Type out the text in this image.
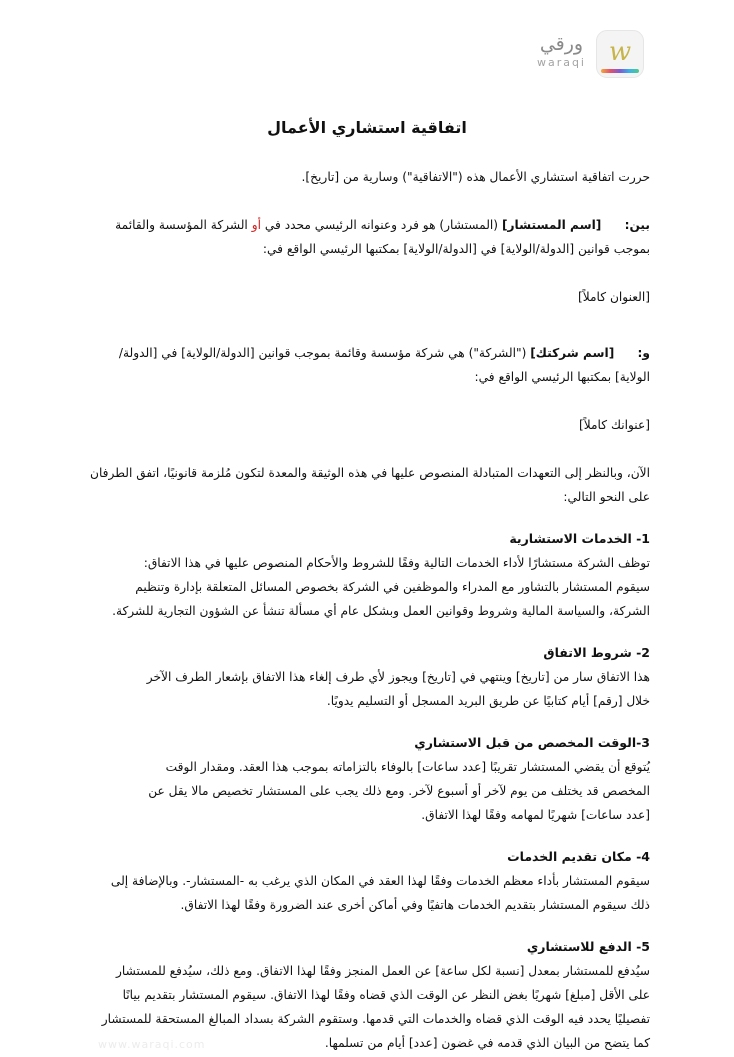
w
ورقي
waraqi
اتفاقية استشاري الأعمال

حررت اتفاقية استشاري الأعمال هذه ("الاتفاقية") وسارية من [تاريخ].

بين:      [اسم المستشار] (المستشار) هو فرد وعنوانه الرئيسي محدد في أو الشركة المؤسسة والقائمة بموجب قوانين [الدولة/الولاية] في [الدولة/الولاية] بمكتبها الرئيسي الواقع في:

[العنوان كاملاً]

و:      [اسم شركتك] ("الشركة") هي شركة مؤسسة وقائمة بموجب قوانين [الدولة/الولاية] في [الدولة/الولاية] بمكتبها الرئيسي الواقع في:

[عنوانك كاملاً]

الآن، وبالنظر إلى التعهدات المتبادلة المنصوص عليها في هذه الوثيقة والمعدة لتكون مُلزمة قانونيًا، اتفق الطرفان على النحو التالي:

1- الخدمات الاستشارية

توظف الشركة مستشارًا لأداء الخدمات التالية وفقًا للشروط والأحكام المنصوص عليها في هذا الاتفاق:

سيقوم المستشار بالتشاور مع المدراء والموظفين في الشركة بخصوص المسائل المتعلقة بإدارة وتنظيم

الشركة، والسياسة المالية وشروط وقوانين العمل وبشكل عام أي مسألة تنشأ عن الشؤون التجارية للشركة.

2- شروط الاتفاق

هذا الاتفاق سار من [تاريخ] وينتهي في [تاريخ] ويجوز لأي طرف إلغاء هذا الاتفاق بإشعار الطرف الآخر

خلال [رقم] أيام كتابيًا عن طريق البريد المسجل أو التسليم يدويًا.

3-الوقت المخصص من قبل الاستشاري

يُتوقع أن يقضي المستشار تقريبًا [عدد ساعات] بالوفاء بالتزاماته بموجب هذا العقد. ومقدار الوقت

المخصص قد يختلف من يوم لآخر أو أسبوع لآخر. ومع ذلك يجب على المستشار تخصيص مالا يقل عن

[عدد ساعات] شهريًا لمهامه وفقًا لهذا الاتفاق.

4- مكان تقديم الخدمات

سيقوم المستشار بأداء معظم الخدمات وفقًا لهذا العقد في المكان الذي يرغب به -المستشار-. وبالإضافة إلى

ذلك سيقوم المستشار بتقديم الخدمات هاتفيًا وفي أماكن أخرى عند الضرورة وفقًا لهذا الاتفاق.

5- الدفع للاستشاري

سيُدفع للمستشار بمعدل [نسبة لكل ساعة] عن العمل المنجز وفقًا لهذا الاتفاق. ومع ذلك، سيُدفع للمستشار

على الأقل [مبلغ] شهريًا بغض النظر عن الوقت الذي قضاه وفقًا لهذا الاتفاق. سيقوم المستشار بتقديم بيانًا

تفصيليًا يحدد فيه الوقت الذي قضاه والخدمات التي قدمها. وستقوم الشركة بسداد المبالغ المستحقة للمستشار

كما يتضح من البيان الذي قدمه في غضون [عدد] أيام من تسلمها.

www.waraqi.com
